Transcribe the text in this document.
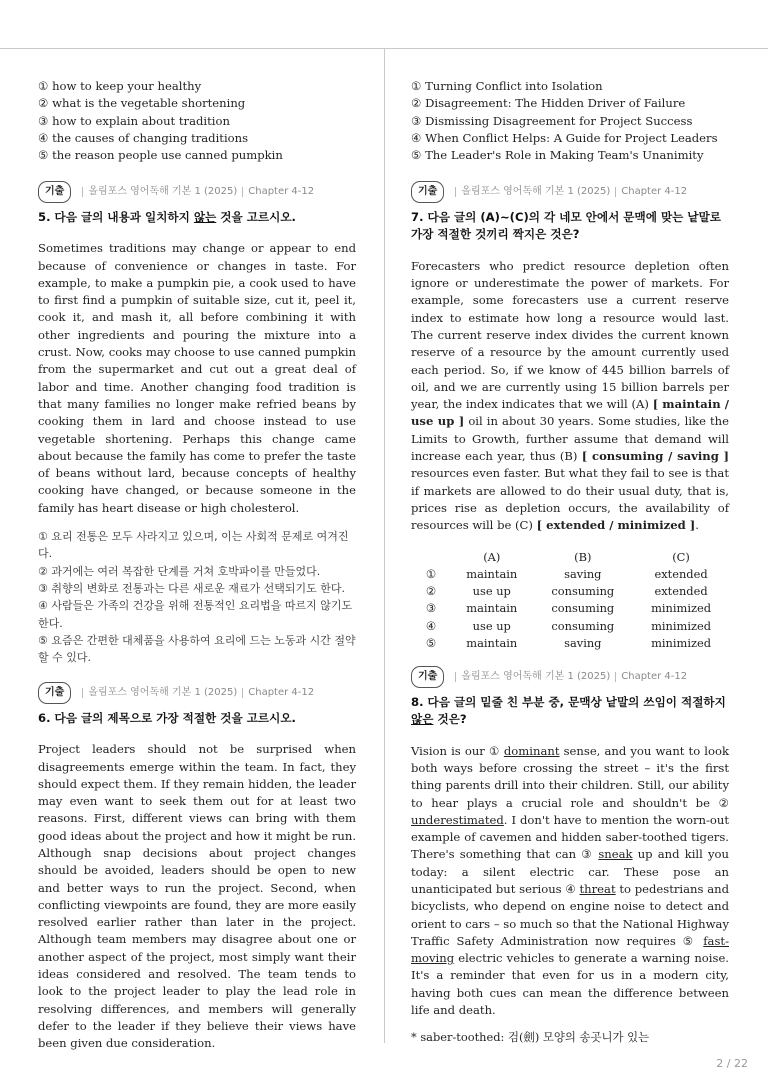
① how to keep your healthy
② what is the vegetable shortening
③ how to explain about tradition
④ the causes of changing traditions
⑤ the reason people use canned pumpkin
기출	올림포스 영어독해 기본 1 (2025) Chapter 4-12
5. 다음 글의 내용과 일치하지 않는 것을 고르시오.
Sometimes traditions may change or appear to end because of convenience or changes in taste. For example, to make a pumpkin pie, a cook used to have to first find a pumpkin of suitable size, cut it, peel it, cook it, and mash it, all before combining it with other ingredients and pouring the mixture into a crust. Now, cooks may choose to use canned pumpkin from the supermarket and cut out a great deal of labor and time. Another changing food tradition is that many families no longer make refried beans by cooking them in lard and choose instead to use vegetable shortening. Perhaps this change came about because the family has come to prefer the taste of beans without lard, because concepts of healthy cooking have changed, or because someone in the family has heart disease or high cholesterol.
① 요리 전통은 모두 사라지고 있으며, 이는 사회적 문제로 여겨진다.
② 과거에는 여러 복잡한 단계를 거쳐 호박파이를 만들었다.
③ 취향의 변화로 전통과는 다른 새로운 재료가 선택되기도 한다.
④ 사람들은 가족의 건강을 위해 전통적인 요리법을 따르지 않기도 한다.
⑤ 요즘은 간편한 대체품을 사용하여 요리에 드는 노동과 시간 절약할 수 있다.
기출	올림포스 영어독해 기본 1 (2025) Chapter 4-12
6. 다음 글의 제목으로 가장 적절한 것을 고르시오.
Project leaders should not be surprised when disagreements emerge within the team. In fact, they should expect them. If they remain hidden, the leader may even want to seek them out for at least two reasons. First, different views can bring with them good ideas about the project and how it might be run. Although snap decisions about project changes should be avoided, leaders should be open to new and better ways to run the project. Second, when conflicting viewpoints are found, they are more easily resolved earlier rather than later in the project. Although team members may disagree about one or another aspect of the project, most simply want their ideas considered and resolved. The team tends to look to the project leader to play the lead role in resolving differences, and members will generally defer to the leader if they believe their views have been given due consideration.
① Turning Conflict into Isolation
② Disagreement: The Hidden Driver of Failure
③ Dismissing Disagreement for Project Success
④ When Conflict Helps: A Guide for Project Leaders
⑤ The Leader's Role in Making Team's Unanimity
기출	올림포스 영어독해 기본 1 (2025) Chapter 4-12
7. 다음 글의 (A)~(C)의 각 네모 안에서 문맥에 맞는 낱말로 가장 적절한 것끼리 짝지은 것은?
Forecasters who predict resource depletion often ignore or underestimate the power of markets. For example, some forecasters use a current reserve index to estimate how long a resource would last. The current reserve index divides the current known reserve of a resource by the amount currently used each period. So, if we know of 445 billion barrels of oil, and we are currently using 15 billion barrels per year, the index indicates that we will (A) [ maintain / use up ] oil in about 30 years. Some studies, like the Limits to Growth, further assume that demand will increase each year, thus (B) [ consuming / saving ] resources even faster. But what they fail to see is that if markets are allowed to do their usual duty, that is, prices rise as depletion occurs, the availability of resources will be (C) [ extended / minimized ].
	(A)	(B)	(C)
①	maintain	saving	extended
②	use up	consuming	extended
③	maintain	consuming	minimized
④	use up	consuming	minimized
⑤	maintain	saving	minimized
기출	올림포스 영어독해 기본 1 (2025) Chapter 4-12
8. 다음 글의 밑줄 친 부분 중, 문맥상 낱말의 쓰임이 적절하지 않은 것은?
Vision is our ① dominant sense, and you want to look both ways before crossing the street – it's the first thing parents drill into their children. Still, our ability to hear plays a crucial role and shouldn't be ② underestimated. I don't have to mention the worn-out example of cavemen and hidden saber-toothed tigers. There's something that can ③ sneak up and kill you today: a silent electric car. These pose an unanticipated but serious ④ threat to pedestrians and bicyclists, who depend on engine noise to detect and orient to cars – so much so that the National Highway Traffic Safety Administration now requires ⑤ fast-moving electric vehicles to generate a warning noise. It's a reminder that even for us in a modern city, having both cues can mean the difference between life and death.
* saber-toothed: 검(劍) 모양의 송곳니가 있는
2 / 22
